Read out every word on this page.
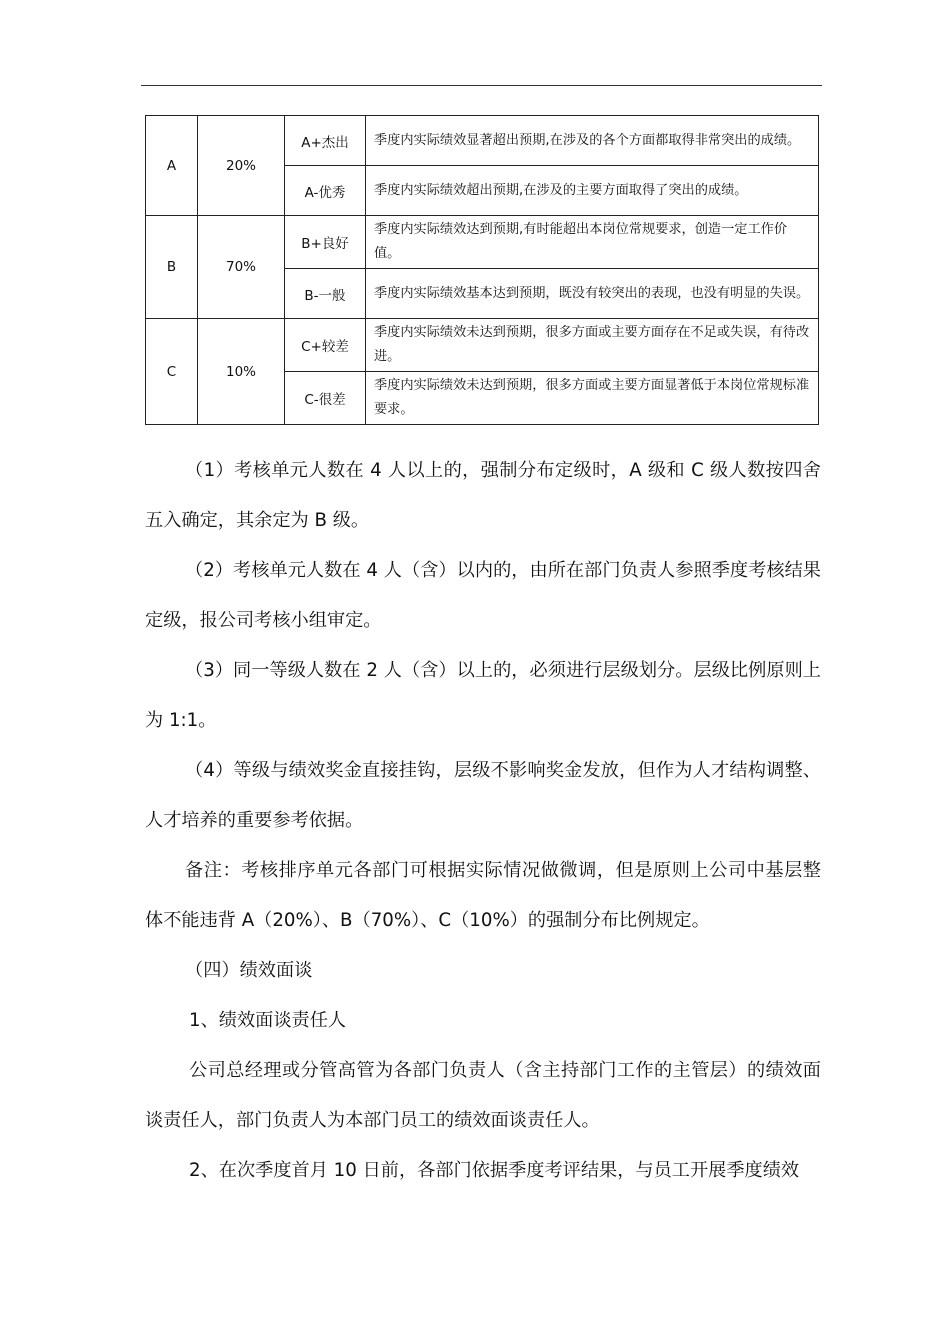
A	20%	A+杰出	季度内实际绩效显著超出预期,在涉及的各个方面都取得非常突出的成绩。
		A-优秀	季度内实际绩效超出预期,在涉及的主要方面取得了突出的成绩。
B	70%	B+良好	季度内实际绩效达到预期,有时能超出本岗位常规要求，创造一定工作价值。
		B-一般	季度内实际绩效基本达到预期，既没有较突出的表现，也没有明显的失误。
C	10%	C+较差	季度内实际绩效未达到预期，很多方面或主要方面存在不足或失误，有待改进。
		C-很差	季度内实际绩效未达到预期，很多方面或主要方面显著低于本岗位常规标准要求。

（1）考核单元人数在 4 人以上的，强制分布定级时，A 级和 C 级人数按四舍五入确定，其余定为 B 级。

（2）考核单元人数在 4 人（含）以内的，由所在部门负责人参照季度考核结果定级，报公司考核小组审定。

（3）同一等级人数在 2 人（含）以上的，必须进行层级划分。层级比例原则上为 1:1。

（4）等级与绩效奖金直接挂钩，层级不影响奖金发放，但作为人才结构调整、人才培养的重要参考依据。

备注：考核排序单元各部门可根据实际情况做微调，但是原则上公司中基层整体不能违背 A（20%）、B（70%）、C（10%）的强制分布比例规定。

（四）绩效面谈

1、绩效面谈责任人

公司总经理或分管高管为各部门负责人（含主持部门工作的主管层）的绩效面谈责任人，部门负责人为本部门员工的绩效面谈责任人。

2、在次季度首月 10 日前，各部门依据季度考评结果，与员工开展季度绩效
